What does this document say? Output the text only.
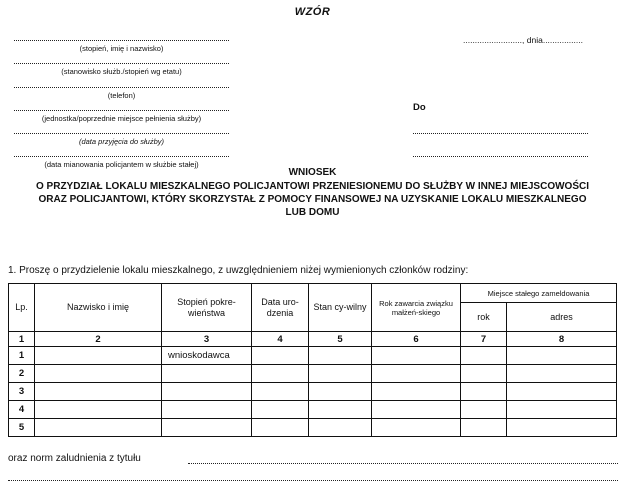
WZÓR
(stopień, imię i nazwisko)
(stanowisko służb./stopień wg etatu)
(telefon)
(jednostka/poprzednie miejsce pełnienia służby)
(data przyjęcia do służby)
(data mianowania policjantem w służbie stałej)
........................., dnia.................
Do
WNIOSEK
O PRZYDZIAŁ LOKALU MIESZKALNEGO POLICJANTOWI PRZENIESIONEMU DO SŁUŻBY W INNEJ MIEJSCOWOŚCI ORAZ POLICJANTOWI, KTÓRY SKORZYSTAŁ Z POMOCY FINANSOWEJ NA UZYSKANIE LOKALU MIESZKALNEGO LUB DOMU
1. Proszę o przydzielenie lokalu mieszkalnego, z uwzględnieniem niżej wymienionych członków rodziny:
Lp.	Nazwisko i imię	Stopień pokre-wieństwa	Data uro-dzenia	Stan cy-wilny	Rok zawarcia związku małżeń-skiego	Miejsce stałego zameldowania	
						rok	adres
1	2	3	4	5	6	7	8
1		wnioskodawca					
2							
3							
4							
5							
oraz norm zaludnienia z tytułu
